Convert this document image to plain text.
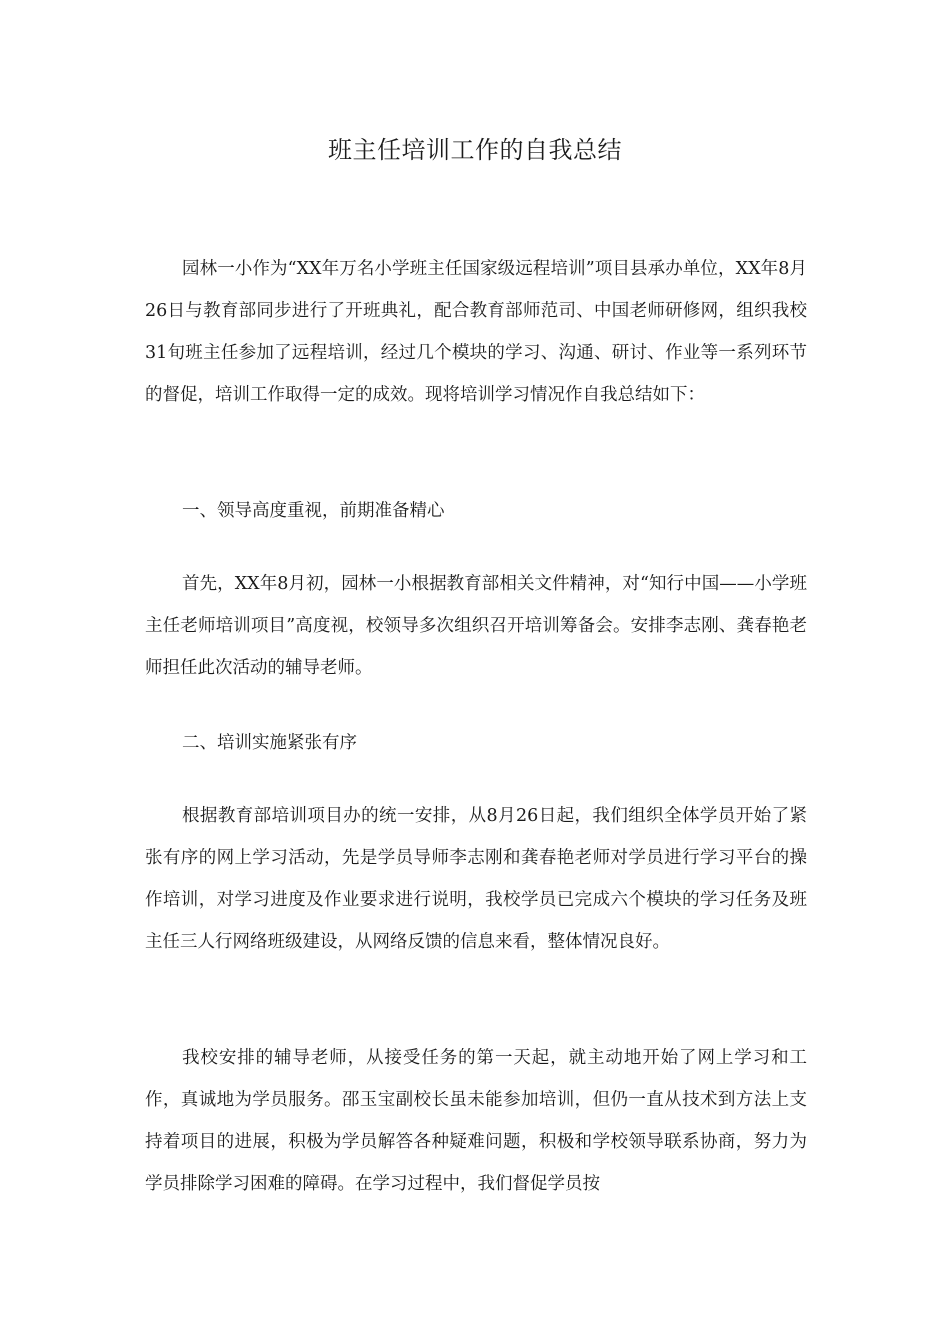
班主任培训工作的自我总结

园林一小作为“XX年万名小学班主任国家级远程培训”项目县承办单位，XX年8月26日与教育部同步进行了开班典礼，配合教育部师范司、中国老师研修网，组织我校31旬班主任参加了远程培训，经过几个模块的学习、沟通、研讨、作业等一系列环节的督促，培训工作取得一定的成效。现将培训学习情况作自我总结如下：

一、领导高度重视，前期准备精心

首先，XX年8月初，园林一小根据教育部相关文件精神，对“知行中国——小学班主任老师培训项目”高度视，校领导多次组织召开培训筹备会。安排李志刚、龚春艳老师担任此次活动的辅导老师。

二、培训实施紧张有序

根据教育部培训项目办的统一安排，从8月26日起，我们组织全体学员开始了紧张有序的网上学习活动，先是学员导师李志刚和龚春艳老师对学员进行学习平台的操作培训，对学习进度及作业要求进行说明，我校学员已完成六个模块的学习任务及班主任三人行网络班级建设，从网络反馈的信息来看，整体情况良好。

我校安排的辅导老师，从接受任务的第一天起，就主动地开始了网上学习和工作，真诚地为学员服务。邵玉宝副校长虽未能参加培训，但仍一直从技术到方法上支持着项目的进展，积极为学员解答各种疑难问题，积极和学校领导联系协商，努力为学员排除学习困难的障碍。在学习过程中，我们督促学员按
